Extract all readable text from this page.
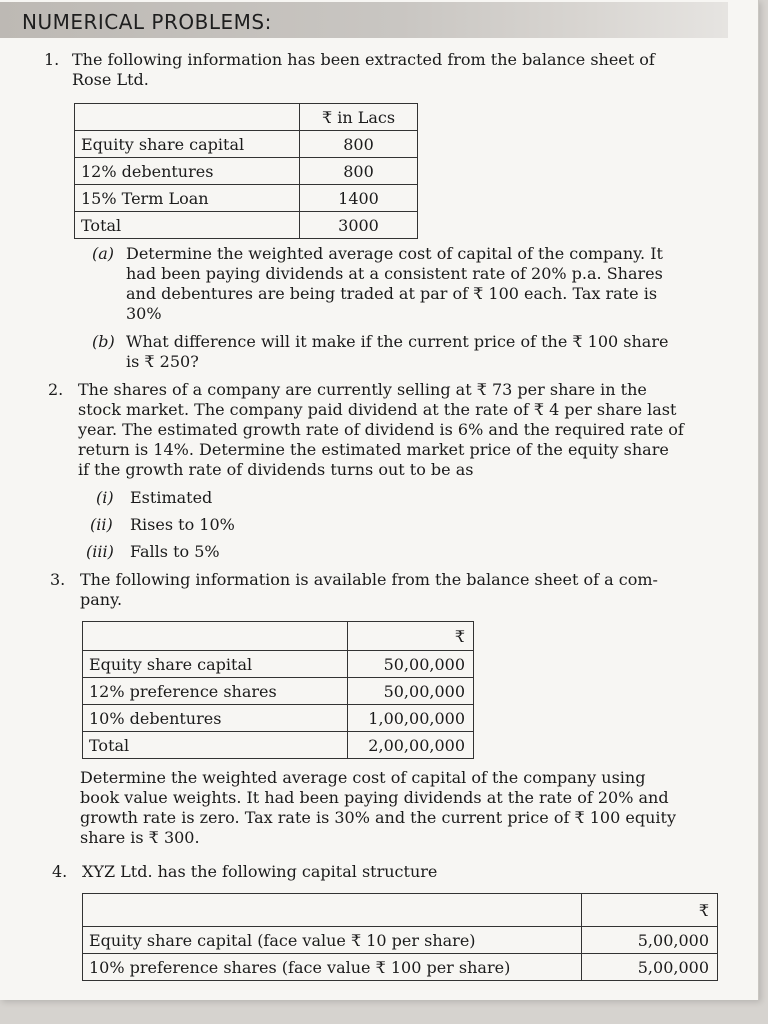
NUMERICAL PROBLEMS:
1. The following information has been extracted from the balance sheet of
Rose Ltd.
	₹ in Lacs
Equity share capital	800
12% debentures	800
15% Term Loan	1400
Total	3000
(a) Determine the weighted average cost of capital of the company. It
had been paying dividends at a consistent rate of 20% p.a. Shares
and debentures are being traded at par of ₹ 100 each. Tax rate is
30%
(b) What difference will it make if the current price of the ₹ 100 share
is ₹ 250?
2. The shares of a company are currently selling at ₹ 73 per share in the
stock market. The company paid dividend at the rate of ₹ 4 per share last
year. The estimated growth rate of dividend is 6% and the required rate of
return is 14%. Determine the estimated market price of the equity share
if the growth rate of dividends turns out to be as
(i) Estimated
(ii) Rises to 10%
(iii) Falls to 5%
3. The following information is available from the balance sheet of a com-
pany.
	₹
Equity share capital	50,00,000
12% preference shares	50,00,000
10% debentures	1,00,00,000
Total	2,00,00,000
Determine the weighted average cost of capital of the company using
book value weights. It had been paying dividends at the rate of 20% and
growth rate is zero. Tax rate is 30% and the current price of ₹ 100 equity
share is ₹ 300.
4. XYZ Ltd. has the following capital structure
	₹
Equity share capital (face value ₹ 10 per share)	5,00,000
10% preference shares (face value ₹ 100 per share)	5,00,000
